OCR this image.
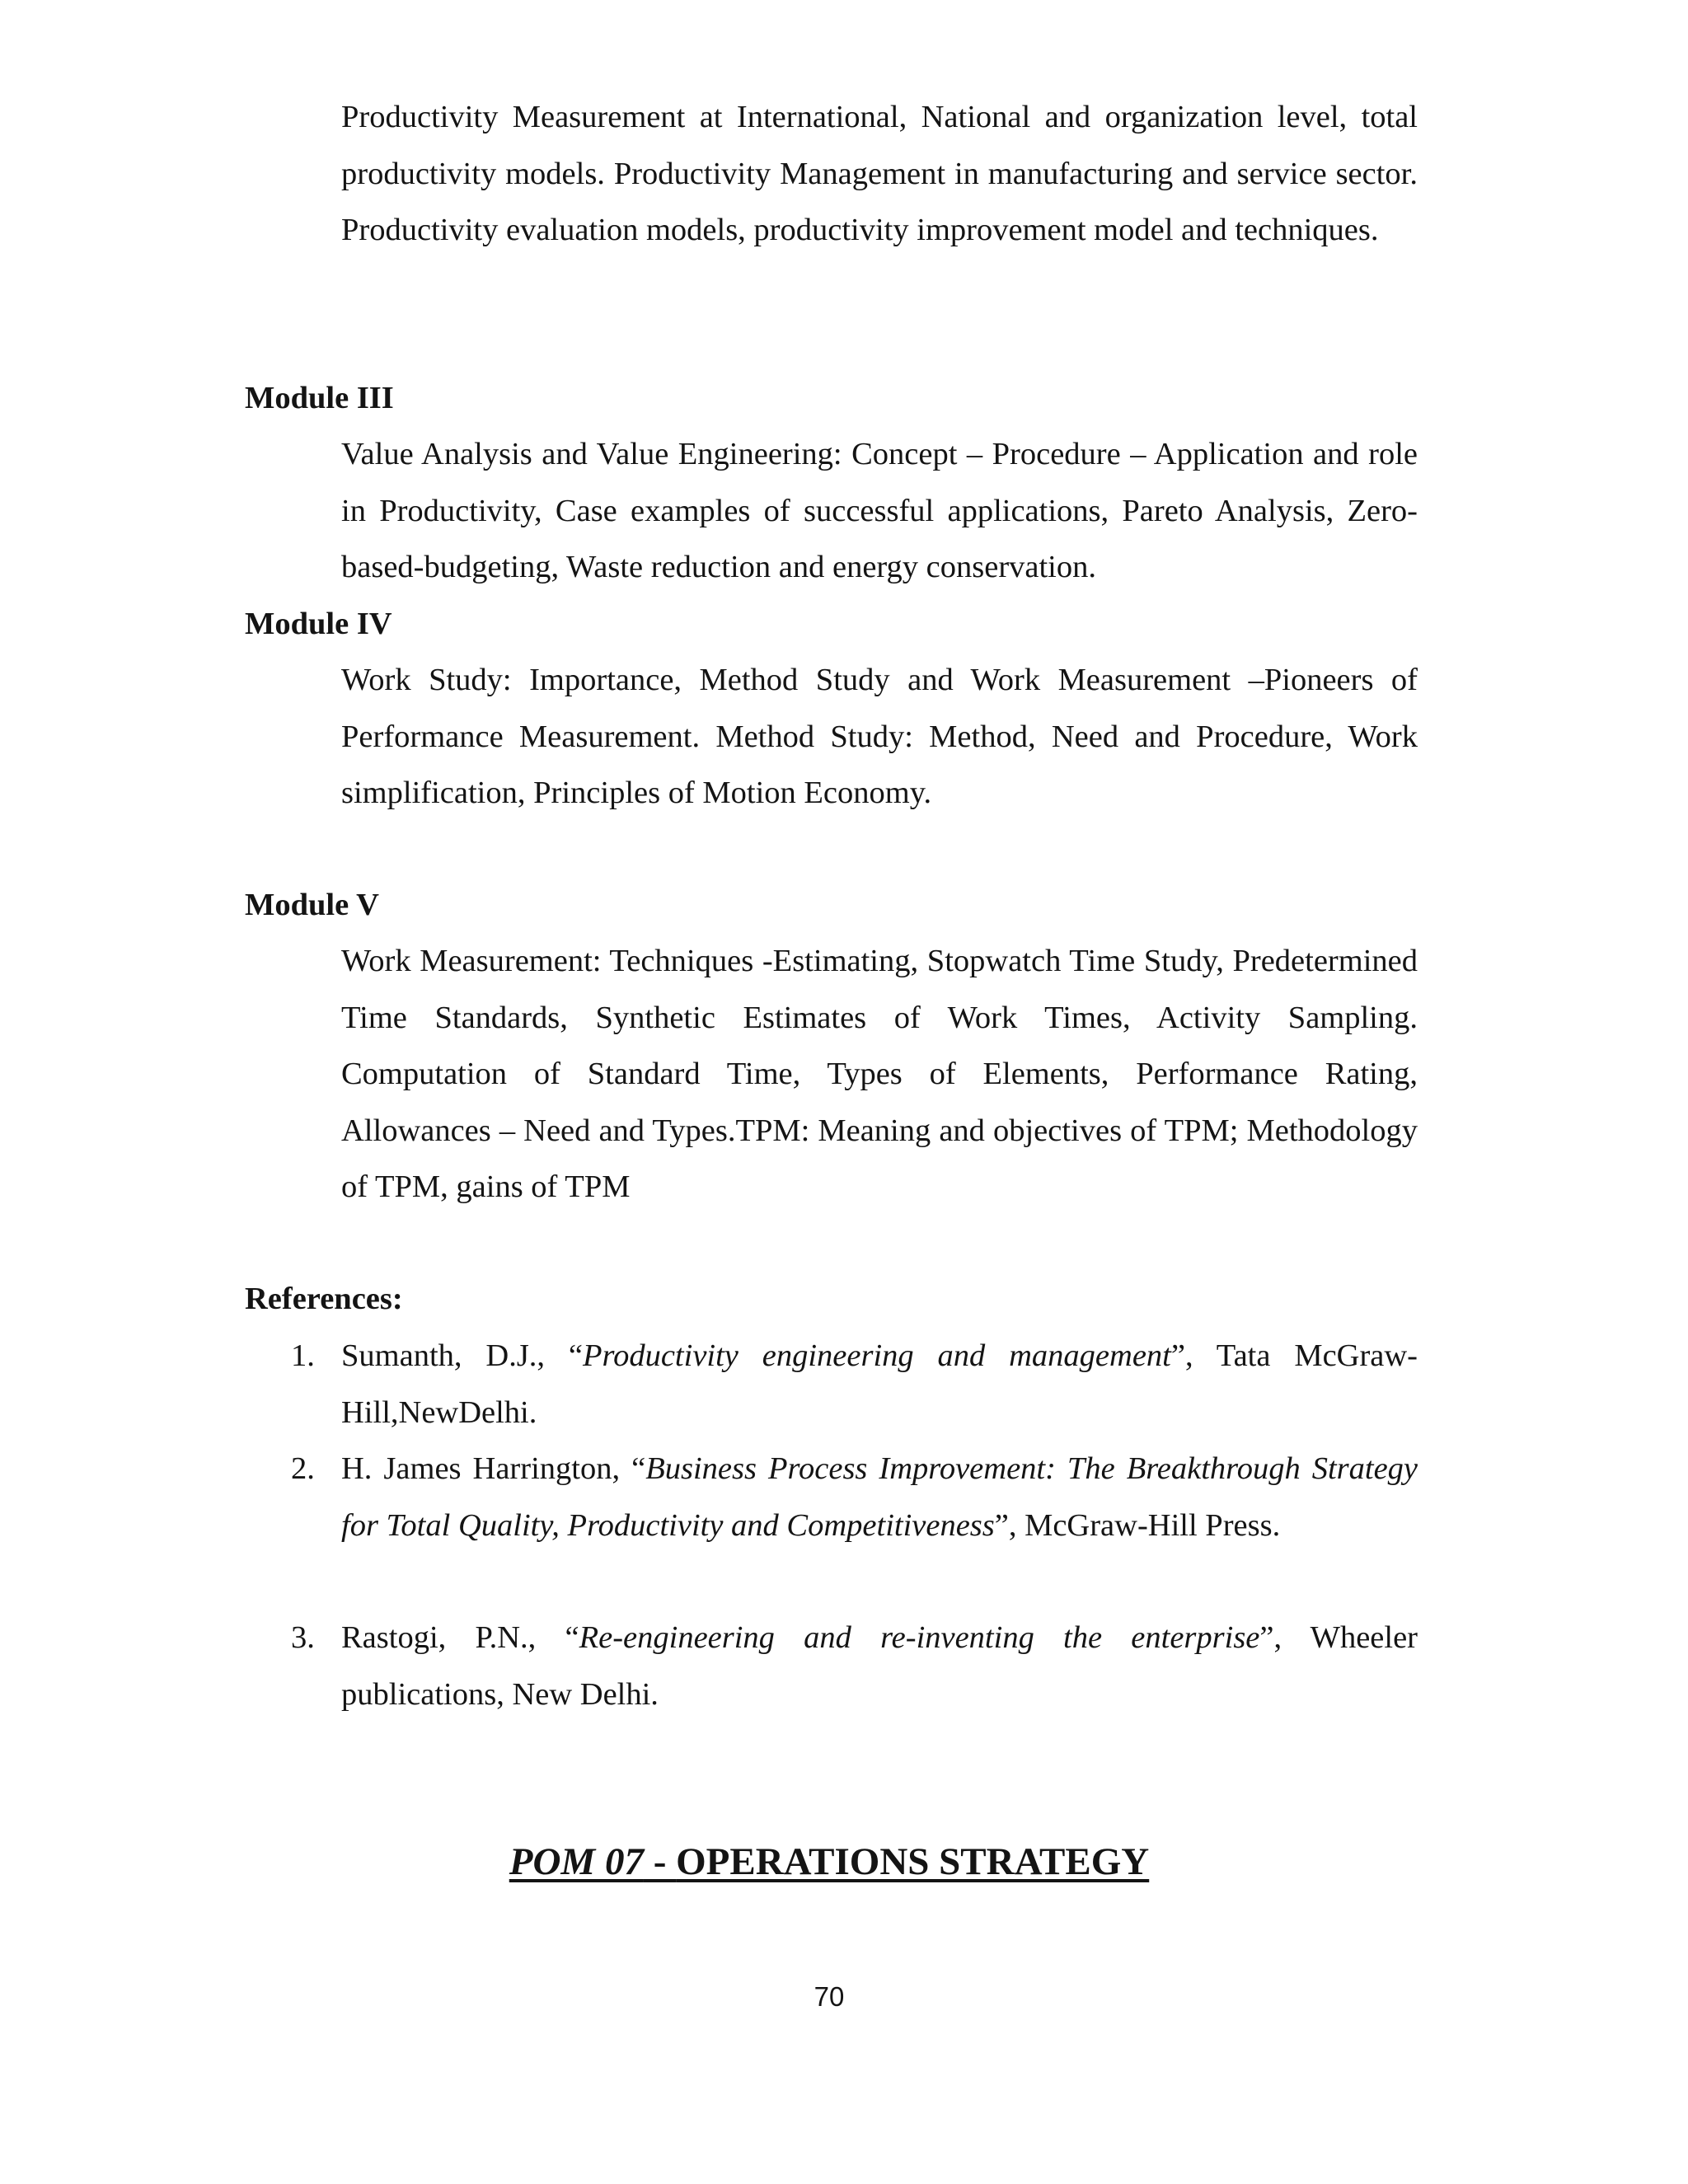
Productivity Measurement at International, National and organization level, total productivity models. Productivity Management in manufacturing and service sector. Productivity evaluation models, productivity improvement model and techniques.

Module III

Value Analysis and Value Engineering: Concept – Procedure – Application and role in Productivity, Case examples of successful applications, Pareto Analysis, Zero-based-budgeting, Waste reduction and energy conservation.

Module IV

Work Study: Importance, Method Study and Work Measurement –Pioneers of Performance Measurement. Method Study: Method, Need and Procedure, Work simplification, Principles of Motion Economy.

Module V

Work Measurement: Techniques -Estimating, Stopwatch Time Study, Predetermined Time Standards, Synthetic Estimates of Work Times, Activity Sampling. Computation of Standard Time, Types of Elements, Performance Rating, Allowances – Need and Types.TPM: Meaning and objectives of TPM; Methodology of TPM, gains of TPM

References:
1. Sumanth, D.J., “Productivity engineering and management”, Tata McGraw-Hill,NewDelhi.
2. H. James Harrington, “Business Process Improvement: The Breakthrough Strategy for Total Quality, Productivity and Competitiveness”, McGraw-Hill Press.
3. Rastogi, P.N., “Re-engineering and re-inventing the enterprise”, Wheeler publications, New Delhi.
POM 07 - OPERATIONS STRATEGY
70
